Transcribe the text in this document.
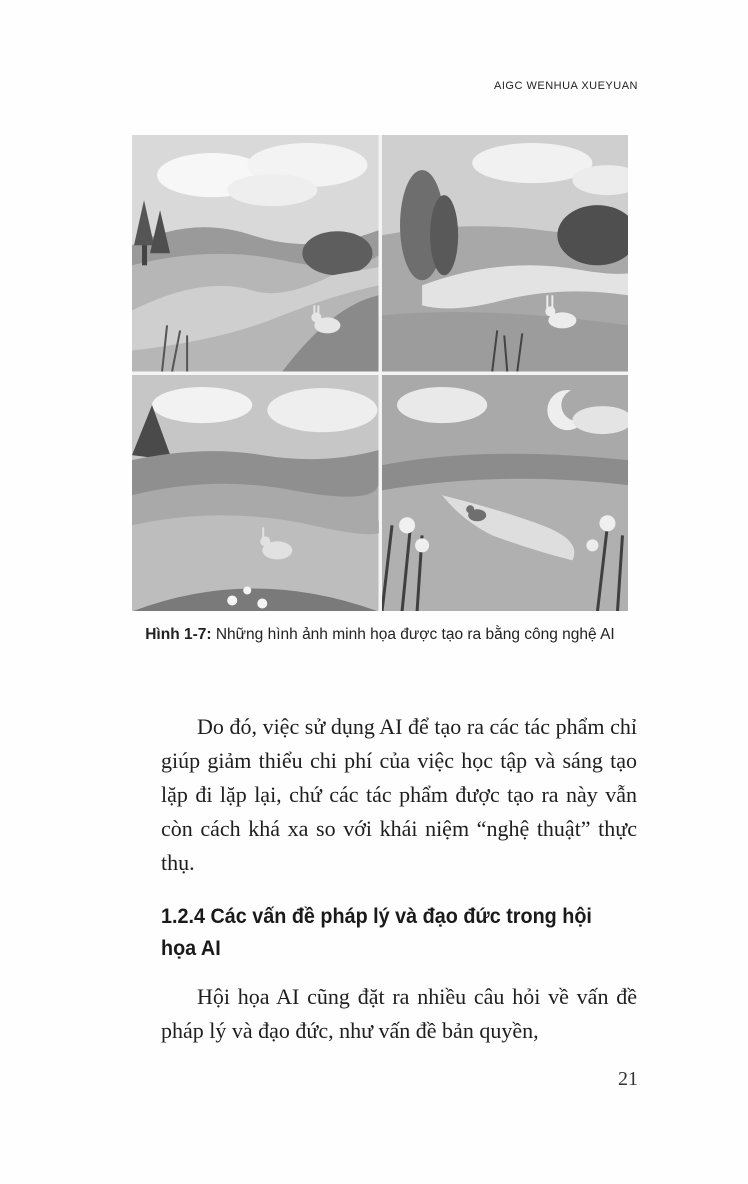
AIGC WENHUA XUEYUAN
Hình 1-7: Những hình ảnh minh họa được tạo ra bằng công nghệ AI

Do đó, việc sử dụng AI để tạo ra các tác phẩm chỉ giúp giảm thiểu chi phí của việc học tập và sáng tạo lặp đi lặp lại, chứ các tác phẩm được tạo ra này vẫn còn cách khá xa so với khái niệm “nghệ thuật” thực thụ.

1.2.4 Các vấn đề pháp lý và đạo đức trong hội họa AI

Hội họa AI cũng đặt ra nhiều câu hỏi về vấn đề pháp lý và đạo đức, như vấn đề bản quyền,

21
